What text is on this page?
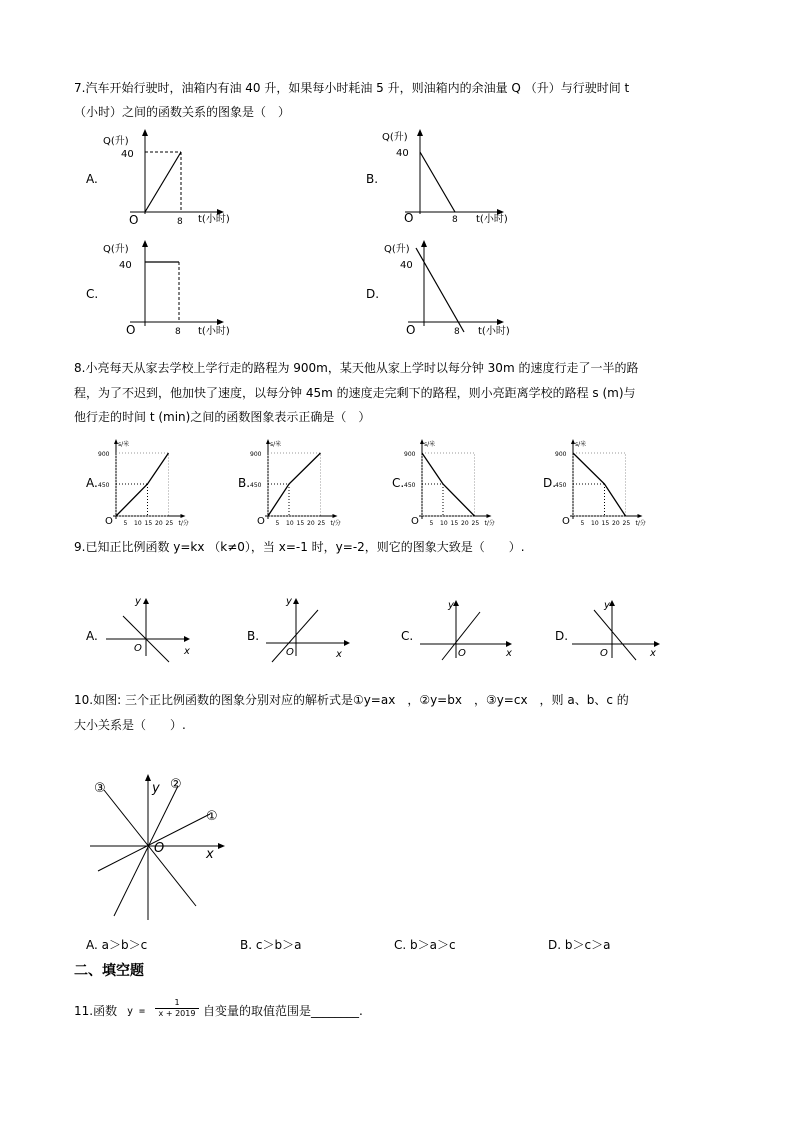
7.汽车开始行驶时，油箱内有油 40 升，如果每小时耗油 5 升，则油箱内的余油量 Q （升）与行驶时间 t
（小时）之间的函数关系的图象是（　）
A.
Q(升)
40
O	8 t(小时)
B.
Q(升)
40
O	8 t(小时)
C.
Q(升)
40
O	8 t(小时)
D.
Q(升)
40
O	8 t(小时)
8.小亮每天从家去学校上学行走的路程为 900m，某天他从家上学时以每分钟 30m 的速度行走了一半的路
程，为了不迟到，他加快了速度，以每分钟 45m 的速度走完剩下的路程，则小亮距离学校的路程 s (m)与
他行走的时间 t (min)之间的函数图象表示正确是（　）
A.
s/米
900
450
O 5 10 15 20 25 t/分
B.
s/米
900
450
O 5 10 15 20 25 t/分
C.
s/米
900
450
O 5 10 15 20 25 t/分
D.
s/米
900
450
O 5 10 15 20 25 t/分
9.已知正比例函数 y=kx （k≠0），当 x=-1 时，y=-2，则它的图象大致是（　　）.
A.
y
x
O
B.
y
x
O
C.
y
x
O
D.
y
x
O
10.如图: 三个正比例函数的图象分别对应的解析式是①y=ax　，②y=bx　，③y=cx　，则 a、b、c 的
大小关系是（　　）.
③	②
①
y
x
O
A. a＞b＞c	B. c＞b＞a	C. b＞a＞c	D. b＞c＞a
二、填空题
11.函数 $y = \frac{1}{x + 2019}$ 自变量的取值范围是________.
